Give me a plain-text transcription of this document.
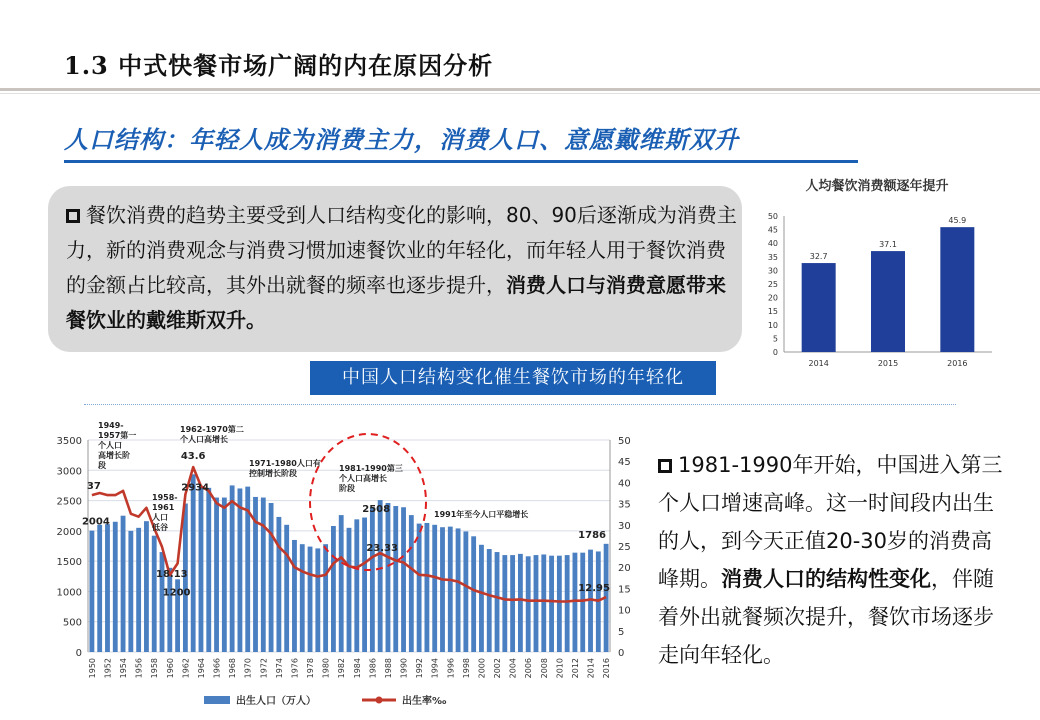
1.3 中式快餐市场广阔的内在原因分析
人口结构：年轻人成为消费主力，消费人口、意愿戴维斯双升

餐饮消费的趋势主要受到人口结构变化的影响，80、90后逐渐成为消费主力，新的消费观念与消费习惯加速餐饮业的年轻化，而年轻人用于餐饮消费的金额占比较高，其外出就餐的频率也逐步提升，消费人口与消费意愿带来餐饮业的戴维斯双升。

人均餐饮消费额逐年提升
0
5
10
15
20
25
30
35
40
45
50
32.7
2014
37.1
2015
45.9
2016
中国人口结构变化催生餐饮市场的年轻化
0
500
1000
1500
2000
2500
3000
3500
0
5
10
15
20
25
30
35
40
45
50
1950 1952 1954 1956 1958 1960 1962 1964 1966 1968 1970 1972 1974 1976 1978 1980 1982 1984 1986 1988 1990 1992 1994 1996 1998 2000 2002 2004 2006 2008 2010 2012 2014 2016
37
2004
18.13
1200
43.6
2934
2508
23.33
1786
12.95
1949-1957第一个人口高增长阶段
1958-1961 人口低谷
1962-1970第二个人口高增长
1971-1980人口有控制增长阶段
1981-1990第三个人口高增长阶段
1991年至今人口平稳增长
出生人口（万人）	出生率‰
1981-1990年开始，中国进入第三个人口增速高峰。这一时间段内出生的人，到今天正值20-30岁的消费高峰期。消费人口的结构性变化，伴随着外出就餐频次提升，餐饮市场逐步走向年轻化。
